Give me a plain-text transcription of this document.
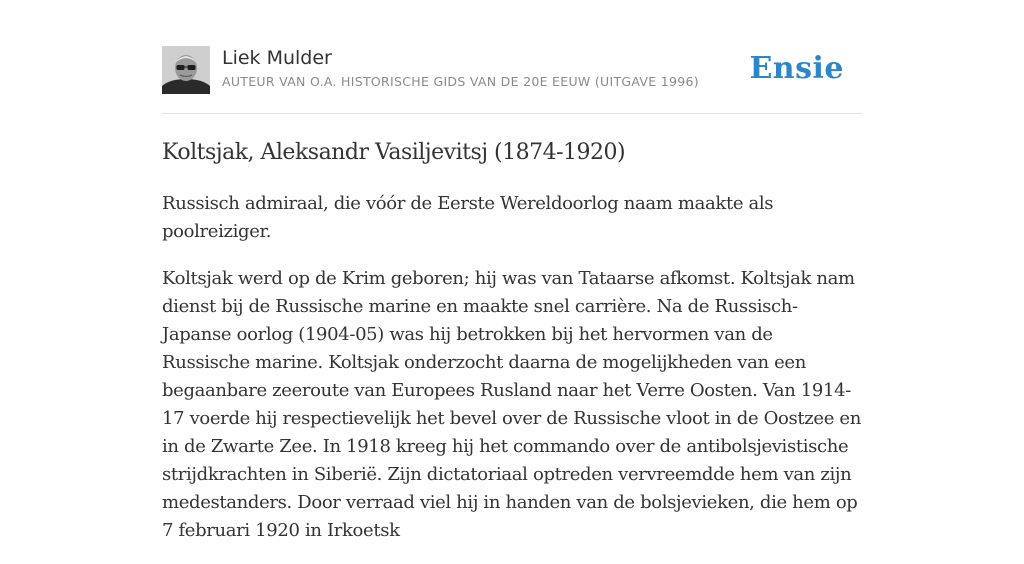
Liek Mulder
AUTEUR VAN O.A. HISTORISCHE GIDS VAN DE 20E EEUW (UITGAVE 1996) Ensie
Koltsjak, Aleksandr Vasiljevitsj (1874-1920)

Russisch admiraal, die vóór de Eerste Wereldoorlog naam maakte als poolreiziger.

Koltsjak werd op de Krim geboren; hij was van Tataarse afkomst. Koltsjak nam dienst bij de Russische marine en maakte snel carrière. Na de Russisch-Japanse oorlog (1904-05) was hij betrokken bij het hervormen van de Russische marine. Koltsjak onderzocht daarna de mogelijkheden van een begaanbare zeeroute van Europees Rusland naar het Verre Oosten. Van 1914-17 voerde hij respectievelijk het bevel over de Russische vloot in de Oostzee en in de Zwarte Zee. In 1918 kreeg hij het commando over de antibolsjevistische strijdkrachten in Siberië. Zijn dictatoriaal optreden vervreemdde hem van zijn medestanders. Door verraad viel hij in handen van de bolsjevieken, die hem op 7 februari 1920 in Irkoetsk
